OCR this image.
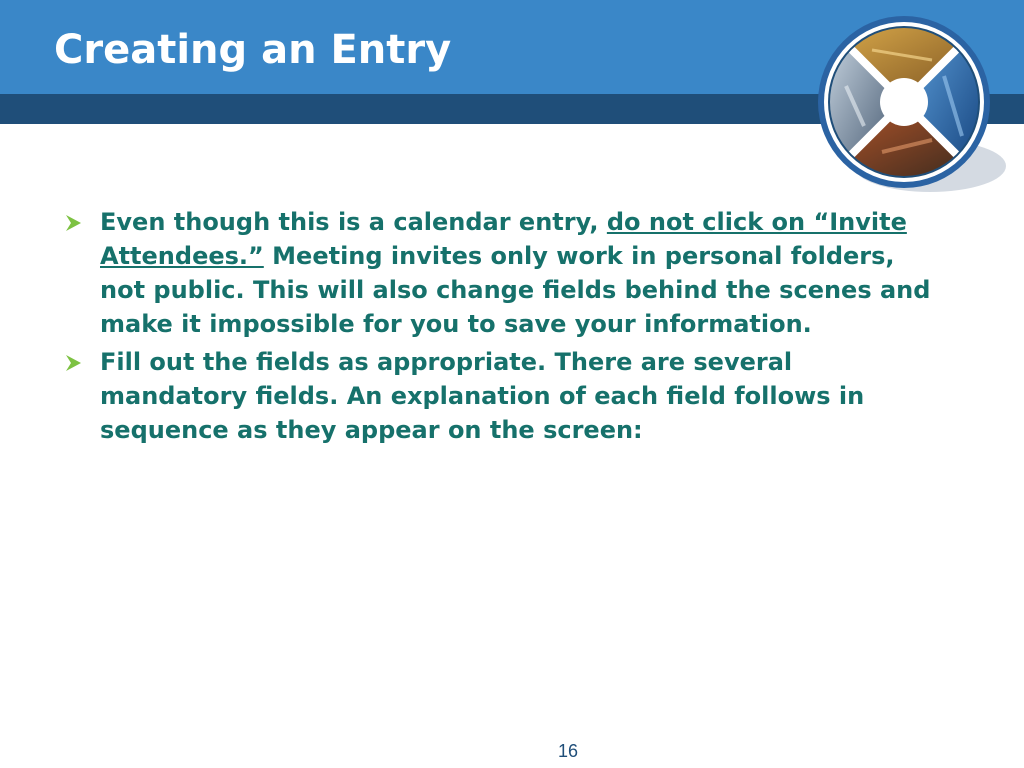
Creating an Entry

Even though this is a calendar entry, do not click on “Invite Attendees.” Meeting invites only work in personal folders, not public. This will also change fields behind the scenes and make it impossible for you to save your information.

Fill out the fields as appropriate. There are several mandatory fields. An explanation of each field follows in sequence as they appear on the screen:

16
